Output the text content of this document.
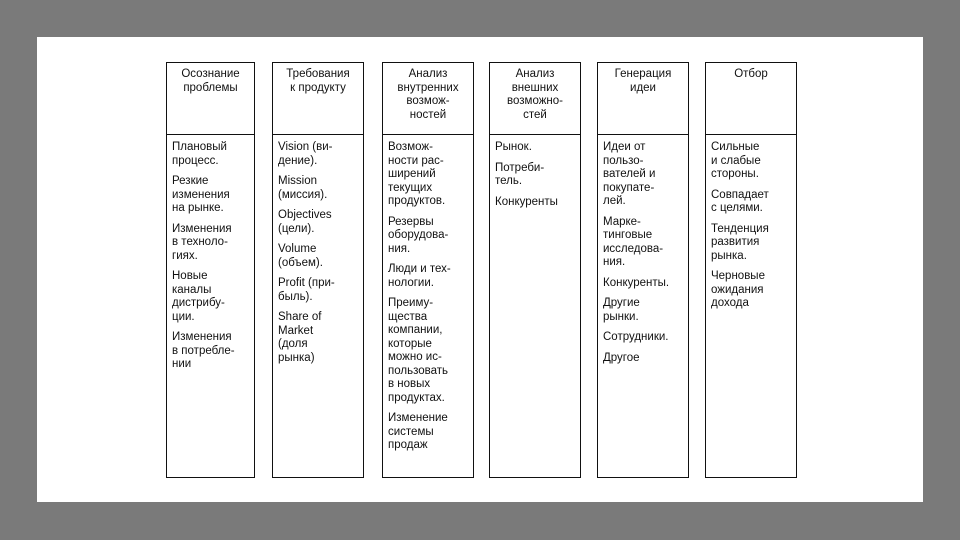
Осознание
проблемы
Плановый
процесс.
Резкие
изменения
на рынке.
Изменения
в техноло-
гиях.
Новые
каналы
дистрибу-
ции.
Изменения
в потребле-
нии
Требования
к продукту
Vision (ви-
дение).
Mission
(миссия).
Objectives
(цели).
Volume
(объем).
Profit (при-
быль).
Share of
Market
(доля
рынка)
Анализ
внутренних
возмож-
ностей
Возмож-
ности рас-
ширений
текущих
продуктов.
Резервы
оборудова-
ния.
Люди и тех-
нологии.
Преиму-
щества
компании,
которые
можно ис-
пользовать
в новых
продуктах.
Изменение
системы
продаж
Анализ
внешних
возможно-
стей
Рынок.
Потреби-
тель.
Конкуренты
Генерация
идеи
Идеи от
пользо-
вателей и
покупате-
лей.
Марке-
тинговые
исследова-
ния.
Конкуренты.
Другие
рынки.
Сотрудники.
Другое
Отбор
Сильные
и слабые
стороны.
Совпадает
с целями.
Тенденция
развития
рынка.
Черновые
ожидания
дохода
